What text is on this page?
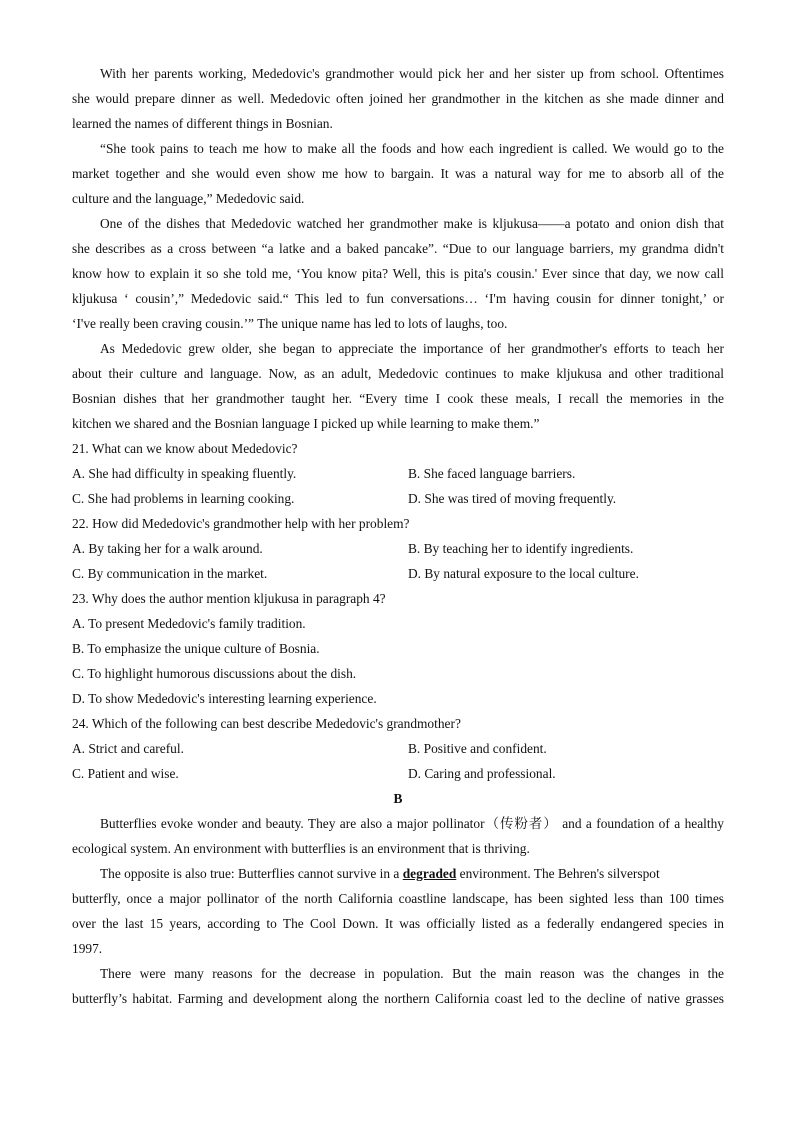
With her parents working, Mededovic's grandmother would pick her and her sister up from school. Oftentimes
she would prepare dinner as well. Mededovic often joined her grandmother in the kitchen as she made dinner and
learned the names of different things in Bosnian.
“She took pains to teach me how to make all the foods and how each ingredient is called. We would go to the
market together and she would even show me how to bargain. It was a natural way for me to absorb all of the
culture and the language,” Mededovic said.
One of the dishes that Mededovic watched her grandmother make is kljukusa——a potato and onion dish that
she describes as a cross between “a latke and a baked pancake”. “Due to our language barriers, my grandma didn't
know how to explain it so she told me, ‘You know pita? Well, this is pita's cousin.' Ever since that day, we now call
kljukusa ‘ cousin’,” Mededovic said.“ This led to fun conversations… ‘I'm having cousin for dinner tonight,’ or
‘I've really been craving cousin.’” The unique name has led to lots of laughs, too.
As Mededovic grew older, she began to appreciate the importance of her grandmother's efforts to teach her
about their culture and language. Now, as an adult, Mededovic continues to make kljukusa and other traditional
Bosnian dishes that her grandmother taught her. “Every time I cook these meals, I recall the memories in the
kitchen we shared and the Bosnian language I picked up while learning to make them.”
21. What can we know about Mededovic?
A. She had difficulty in speaking fluently.	B. She faced language barriers.
C. She had problems in learning cooking.	D. She was tired of moving frequently.
22. How did Mededovic's grandmother help with her problem?
A. By taking her for a walk around.	B. By teaching her to identify ingredients.
C. By communication in the market.	D. By natural exposure to the local culture.
23. Why does the author mention kljukusa in paragraph 4?
A. To present Mededovic's family tradition.
B. To emphasize the unique culture of Bosnia.
C. To highlight humorous discussions about the dish.
D. To show Mededovic's interesting learning experience.
24. Which of the following can best describe Mededovic's grandmother?
A. Strict and careful.	B. Positive and confident.
C. Patient and wise.	D. Caring and professional.
B
Butterflies evoke wonder and beauty. They are also a major pollinator（传粉者） and a foundation of a healthy
ecological system. An environment with butterflies is an environment that is thriving.
The opposite is also true: Butterflies cannot survive in a degraded environment. The Behren's silverspot
butterfly, once a major pollinator of the north California coastline landscape, has been sighted less than 100 times
over the last 15 years, according to The Cool Down. It was officially listed as a federally endangered species in
1997.
There were many reasons for the decrease in population. But the main reason was the changes in the
butterfly’s habitat. Farming and development along the northern California coast led to the decline of native grasses
